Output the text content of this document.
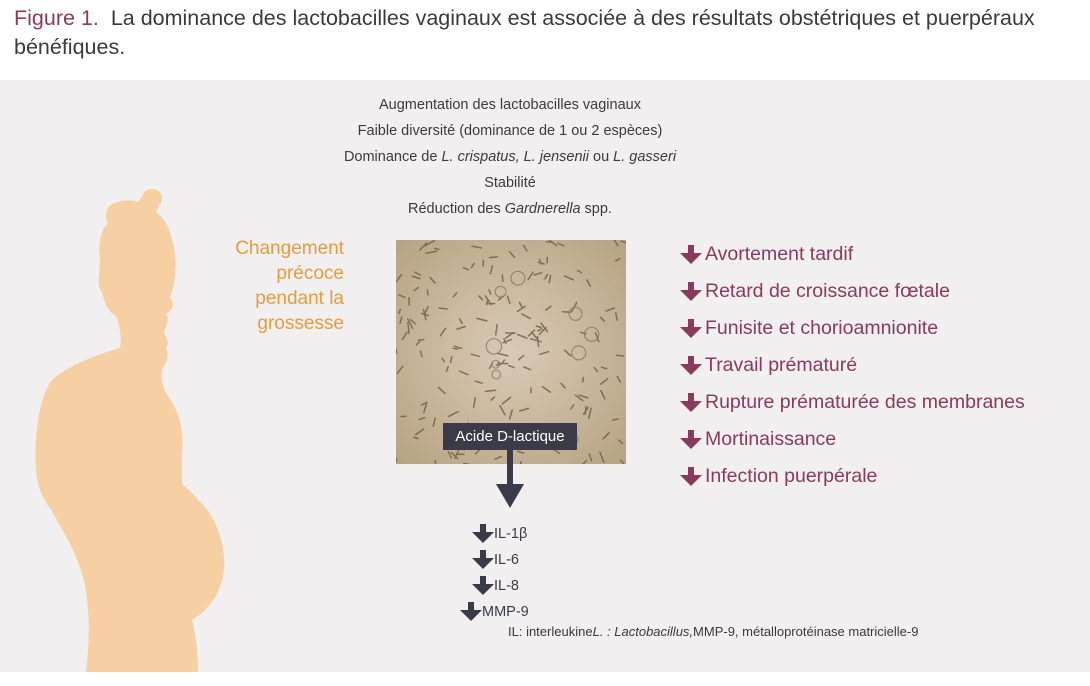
Figure 1. La dominance des lactobacilles vaginaux est associée à des résultats obstétriques et puerpéraux bénéfiques.
Augmentation des lactobacilles vaginaux
Faible diversité (dominance de 1 ou 2 espèces)
Dominance de L. crispatus, L. jensenii ou L. gasseri
Stabilité
Réduction des Gardnerella spp.
Changement
précoce
pendant la
grossesse
Acide D-lactique
Avortement tardif
Retard de croissance fœtale
Funisite et chorioamnionite
Travail prématuré
Rupture prématurée des membranes
Mortinaissance
Infection puerpérale
IL-1β
IL-6
IL-8
MMP-9
IL: interleukineL. : Lactobacillus,MMP-9, métalloprotéinase matricielle-9
